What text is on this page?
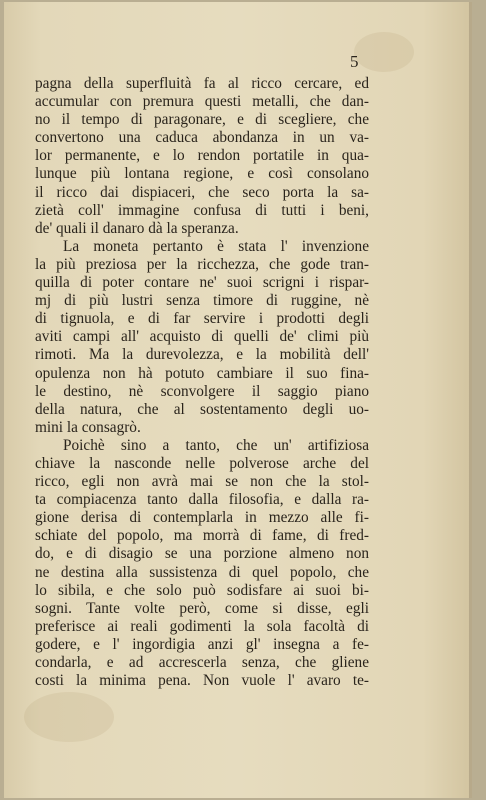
5
pagna della superfluità fa al ricco cercare, ed
accumular con premura questi metalli, che dan-
no il tempo di paragonare, e di scegliere, che
convertono una caduca abondanza in un va-
lor permanente, e lo rendon portatile in qua-
lunque più lontana regione, e così consolano
il ricco dai dispiaceri, che seco porta la sa-
zietà coll' immagine confusa di tutti i beni,
de' quali il danaro dà la speranza.
La moneta pertanto è stata l' invenzione
la più preziosa per la ricchezza, che gode tran-
quilla di poter contare ne' suoi scrigni i rispar-
mj di più lustri senza timore di ruggine, nè
di tignuola, e di far servire i prodotti degli
aviti campi all' acquisto di quelli de' climi più
rimoti. Ma la durevolezza, e la mobilità dell'
opulenza non hà potuto cambiare il suo fina-
le destino, nè sconvolgere il saggio piano
della natura, che al sostentamento degli uo-
mini la consagrò.
Poichè sino a tanto, che un' artifiziosa
chiave la nasconde nelle polverose arche del
ricco, egli non avrà mai se non che la stol-
ta compiacenza tanto dalla filosofia, e dalla ra-
gione derisa di contemplarla in mezzo alle fi-
schiate del popolo, ma morrà di fame, di fred-
do, e di disagio se una porzione almeno non
ne destina alla sussistenza di quel popolo, che
lo sibila, e che solo può sodisfare ai suoi bi-
sogni. Tante volte però, come si disse, egli
preferisce ai reali godimenti la sola facoltà di
godere, e l' ingordigia anzi gl' insegna a fe-
condarla, e ad accrescerla senza, che gliene
costi la minima pena. Non vuole l' avaro te-
